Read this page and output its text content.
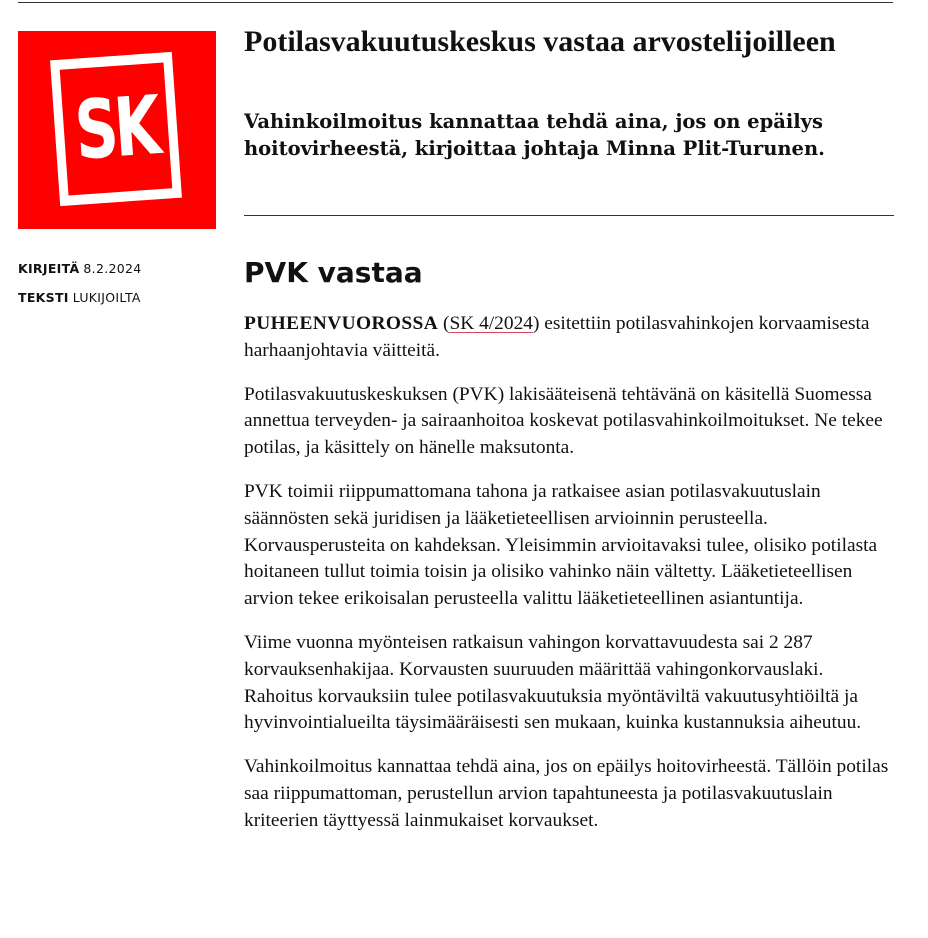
SK
Potilasvakuutuskeskus vastaa arvostelijoilleen

Vahinkoilmoitus kannattaa tehdä aina, jos on epäilys hoitovirheestä, kirjoittaa johtaja Minna Plit-Turunen.

KIRJEITÄ 8.2.2024
TEKSTI LUKIJOILTA
PVK vastaa

PUHEENVUOROSSA (SK 4/2024) esitettiin potilasvahinkojen korvaamisesta harhaanjohtavia väitteitä.

Potilasvakuutuskeskuksen (PVK) lakisääteisenä tehtävänä on käsitellä Suomessa annettua terveyden- ja sairaanhoitoa koskevat potilasvahinkoilmoitukset. Ne tekee potilas, ja käsittely on hänelle maksutonta.

PVK toimii riippumattomana tahona ja ratkaisee asian potilasvakuutuslain säännösten sekä juridisen ja lääketieteellisen arvioinnin perusteella. Korvausperusteita on kahdeksan. Yleisimmin arvioitavaksi tulee, olisiko potilasta hoitaneen tullut toimia toisin ja olisiko vahinko näin vältetty. Lääketieteellisen arvion tekee erikoisalan perusteella valittu lääketieteellinen asiantuntija.

Viime vuonna myönteisen ratkaisun vahingon korvattavuudesta sai 2 287 korvauksenhakijaa. Korvausten suuruuden määrittää vahingonkorvauslaki. Rahoitus korvauksiin tulee potilasvakuutuksia myöntäviltä vakuutusyhtiöiltä ja hyvinvointialueilta täysimääräisesti sen mukaan, kuinka kustannuksia aiheutuu.

Vahinkoilmoitus kannattaa tehdä aina, jos on epäilys hoitovirheestä. Tällöin potilas saa riippumattoman, perustellun arvion tapahtuneesta ja potilasvakuutuslain kriteerien täyttyessä lainmukaiset korvaukset.
